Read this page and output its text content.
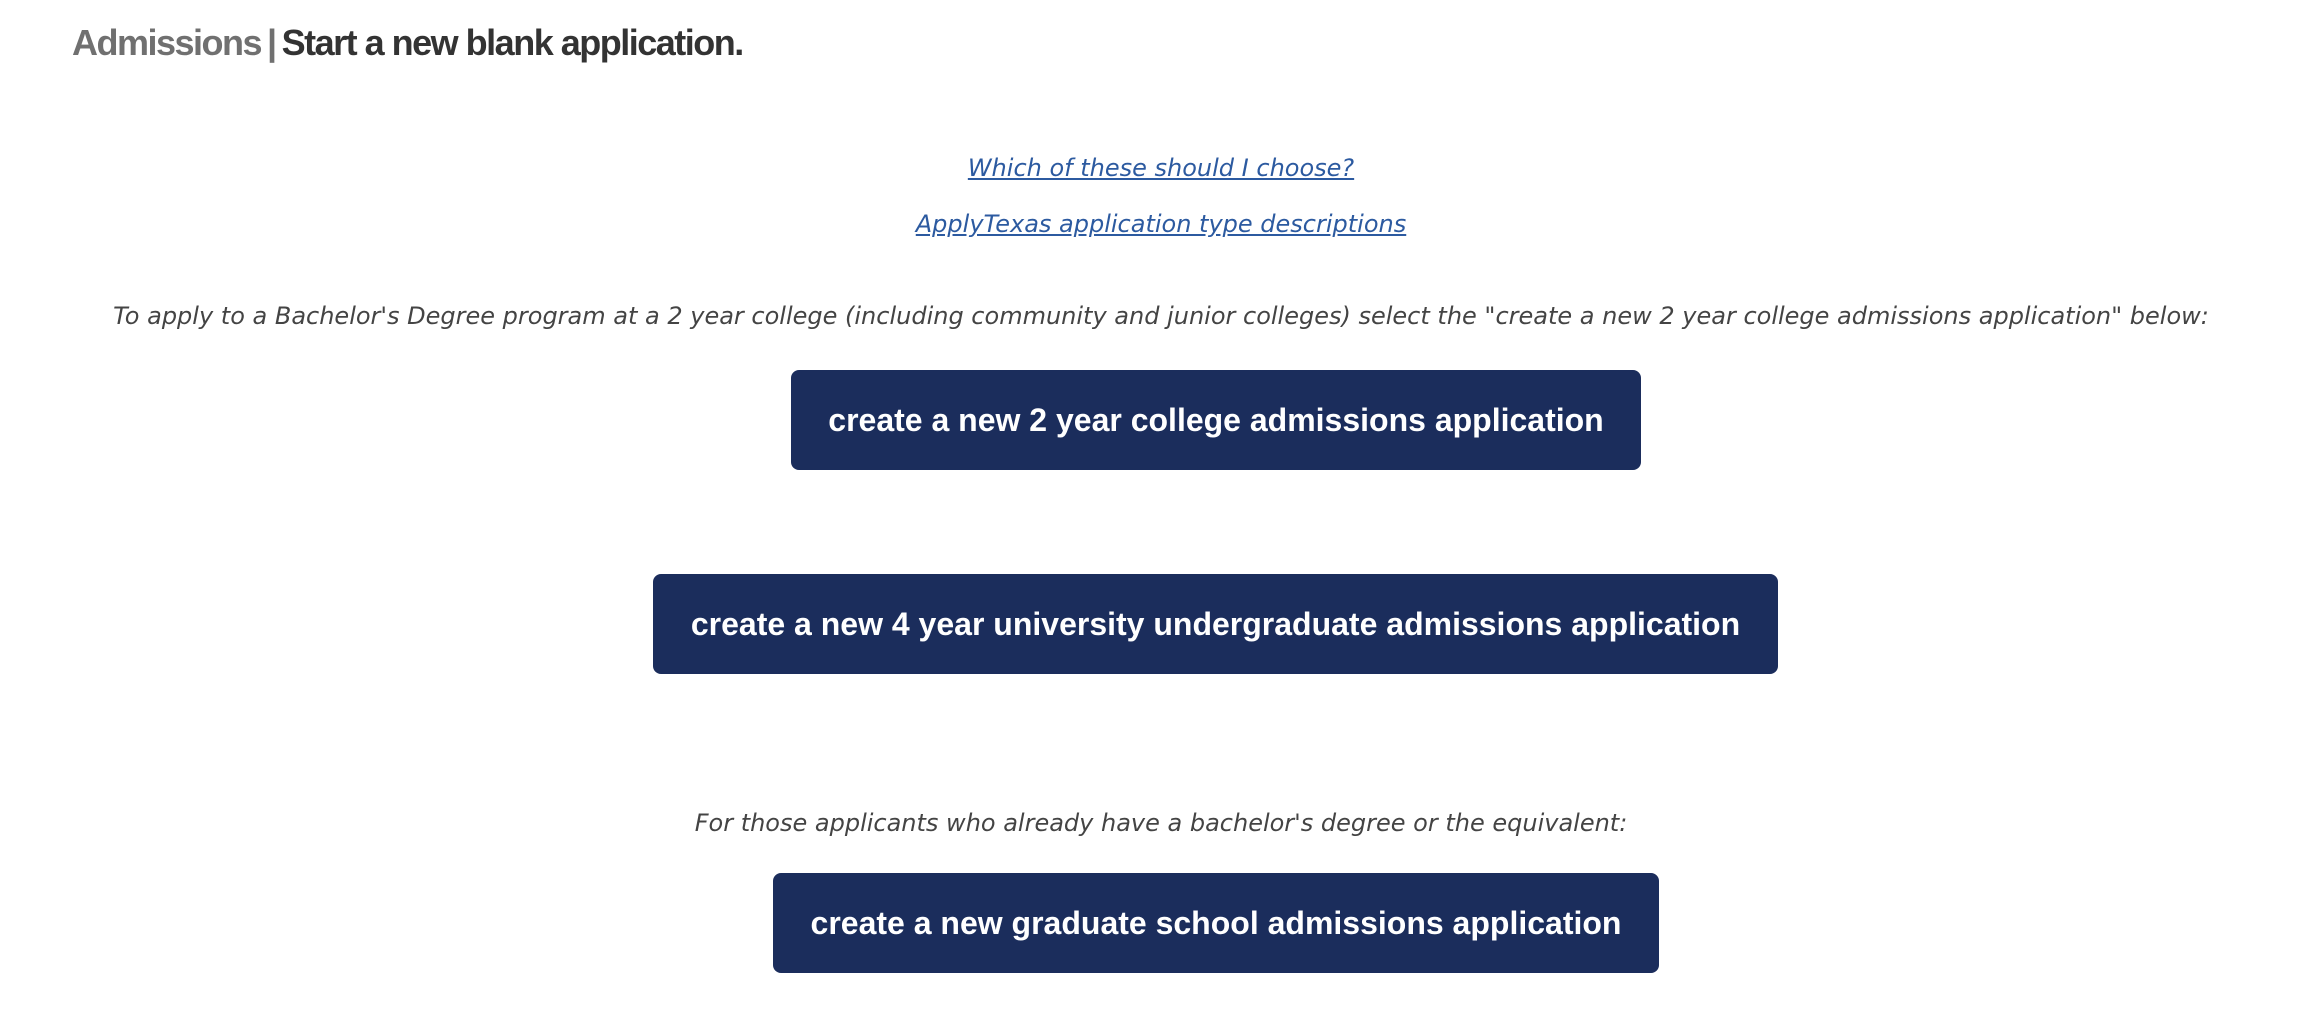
Admissions | Start a new blank application.
Which of these should I choose?
ApplyTexas application type descriptions
To apply to a Bachelor's Degree program at a 2 year college (including community and junior colleges) select the "create a new 2 year college admissions application" below:
create a new 2 year college admissions application
create a new 4 year university undergraduate admissions application
For those applicants who already have a bachelor's degree or the equivalent:
create a new graduate school admissions application
